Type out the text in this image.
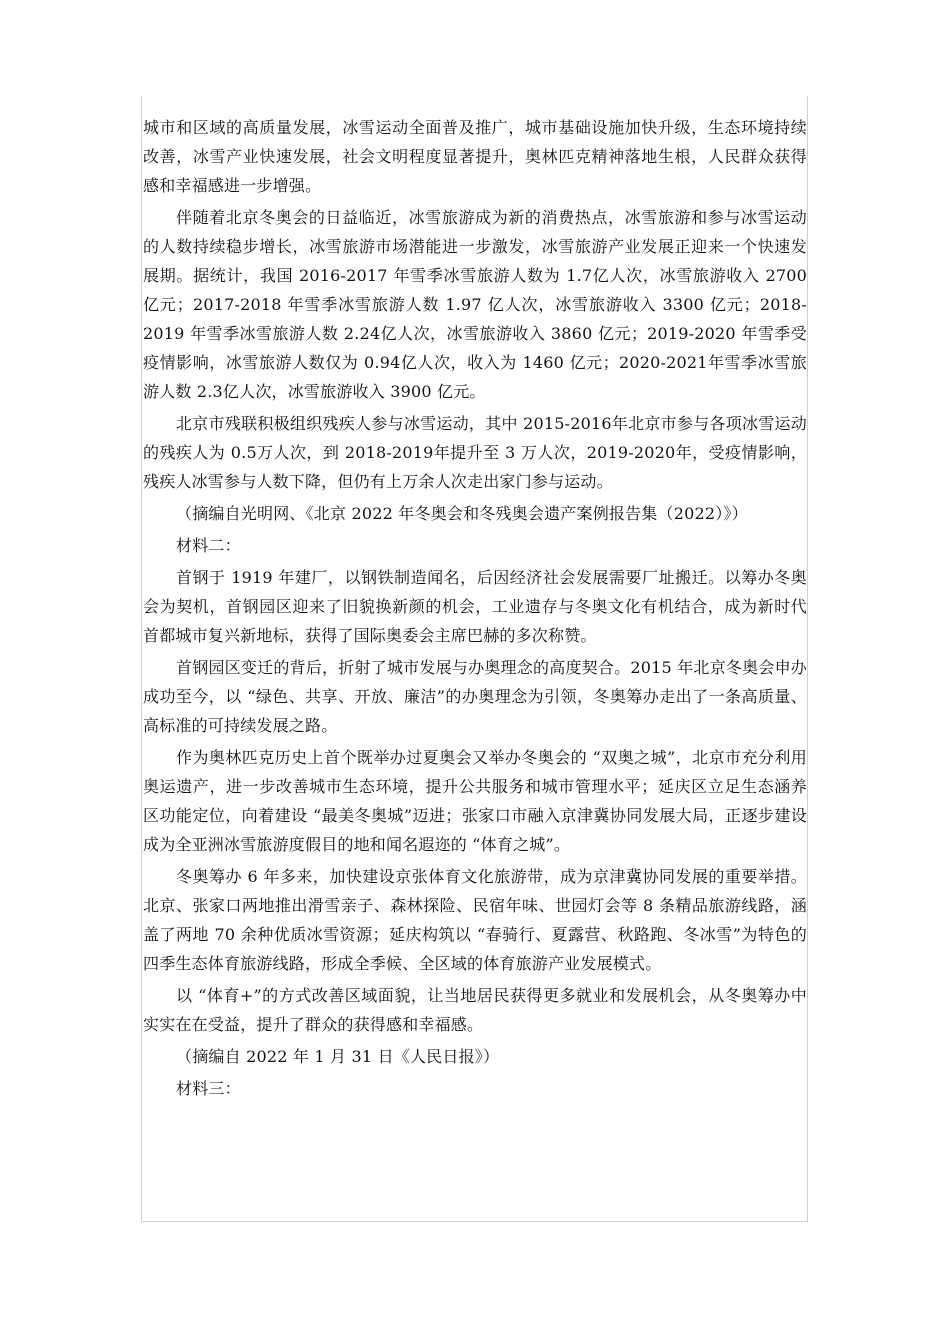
城市和区域的高质量发展，冰雪运动全面普及推广，城市基础设施加快升级，生态环境持续改善，冰雪产业快速发展，社会文明程度显著提升，奥林匹克精神落地生根，人民群众获得感和幸福感进一步增强。

伴随着北京冬奥会的日益临近，冰雪旅游成为新的消费热点，冰雪旅游和参与冰雪运动的人数持续稳步增长，冰雪旅游市场潜能进一步激发，冰雪旅游产业发展正迎来一个快速发展期。据统计，我国 2016-2017 年雪季冰雪旅游人数为 1.7亿人次，冰雪旅游收入 2700 亿元；2017-2018 年雪季冰雪旅游人数 1.97 亿人次，冰雪旅游收入 3300 亿元；2018-2019 年雪季冰雪旅游人数 2.24亿人次，冰雪旅游收入 3860 亿元；2019-2020 年雪季受疫情影响，冰雪旅游人数仅为 0.94亿人次，收入为 1460 亿元；2020-2021年雪季冰雪旅游人数 2.3亿人次，冰雪旅游收入 3900 亿元。

北京市残联积极组织残疾人参与冰雪运动，其中 2015-2016年北京市参与各项冰雪运动的残疾人为 0.5万人次，到 2018-2019年提升至 3 万人次，2019-2020年，受疫情影响，残疾人冰雪参与人数下降，但仍有上万余人次走出家门参与运动。

（摘编自光明网、《北京 2022 年冬奥会和冬残奥会遗产案例报告集（2022）》）

材料二：

首钢于 1919 年建厂，以钢铁制造闻名，后因经济社会发展需要厂址搬迁。以筹办冬奥会为契机，首钢园区迎来了旧貌换新颜的机会，工业遗存与冬奥文化有机结合，成为新时代首都城市复兴新地标，获得了国际奥委会主席巴赫的多次称赞。

首钢园区变迁的背后，折射了城市发展与办奥理念的高度契合。2015 年北京冬奥会申办成功至今，以 “绿色、共享、开放、廉洁”的办奥理念为引领，冬奥筹办走出了一条高质量、高标准的可持续发展之路。

作为奥林匹克历史上首个既举办过夏奥会又举办冬奥会的 “双奥之城”，北京市充分利用奥运遗产，进一步改善城市生态环境，提升公共服务和城市管理水平；延庆区立足生态涵养区功能定位，向着建设 “最美冬奥城”迈进；张家口市融入京津冀协同发展大局，正逐步建设成为全亚洲冰雪旅游度假目的地和闻名遐迩的 “体育之城”。

冬奥筹办 6 年多来，加快建设京张体育文化旅游带，成为京津冀协同发展的重要举措。北京、张家口两地推出滑雪亲子、森林探险、民宿年味、世园灯会等 8 条精品旅游线路，涵盖了两地 70 余种优质冰雪资源；延庆构筑以 “春骑行、夏露营、秋路跑、冬冰雪”为特色的四季生态体育旅游线路，形成全季候、全区域的体育旅游产业发展模式。

以 “体育+”的方式改善区域面貌，让当地居民获得更多就业和发展机会，从冬奥筹办中实实在在受益，提升了群众的获得感和幸福感。

（摘编自 2022 年 1 月 31 日《人民日报》）

材料三：
